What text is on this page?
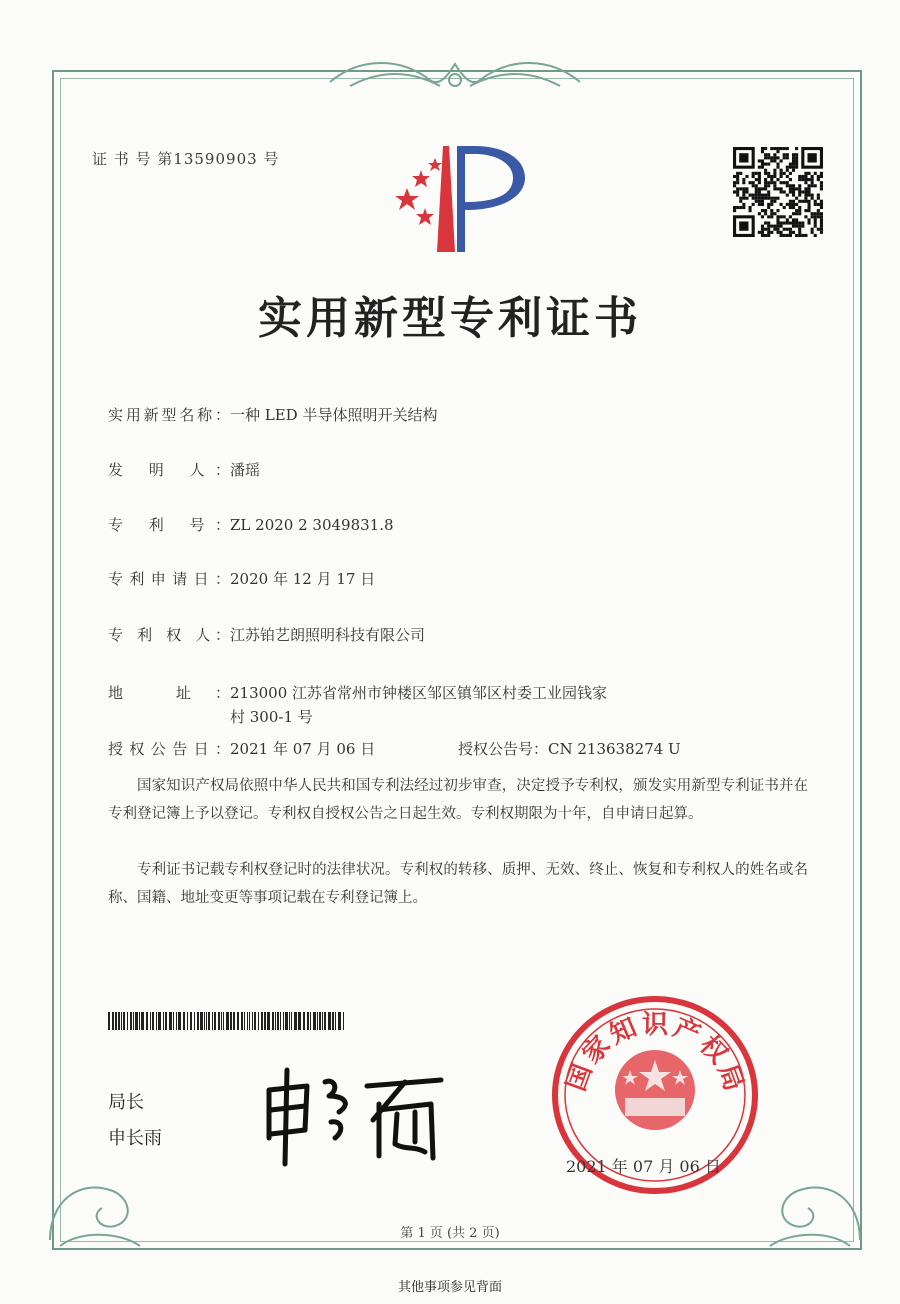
证 书 号 第13590903 号
实用新型专利证书
实用新型名称：一种 LED 半导体照明开关结构
发 明 人：潘瑶
专 利 号：ZL 2020 2 3049831.8
专利申请日：2020 年 12 月 17 日
专 利 权 人：江苏铂艺朗照明科技有限公司
地 址：213000 江苏省常州市钟楼区邹区镇邹区村委工业园钱家
村 300-1 号
授权公告日：2021 年 07 月 06 日	授权公告号：CN 213638274 U
国家知识产权局依照中华人民共和国专利法经过初步审查，决定授予专利权，颁发实用新型专利证书并在专利登记簿上予以登记。专利权自授权公告之日起生效。专利权期限为十年，自申请日起算。
专利证书记载专利权登记时的法律状况。专利权的转移、质押、无效、终止、恢复和专利权人的姓名或名称、国籍、地址变更等事项记载在专利登记簿上。
局长
申长雨
国
家
知 识 产
权
局
2021 年 07 月 06 日
第 1 页 (共 2 页)
其他事项参见背面
